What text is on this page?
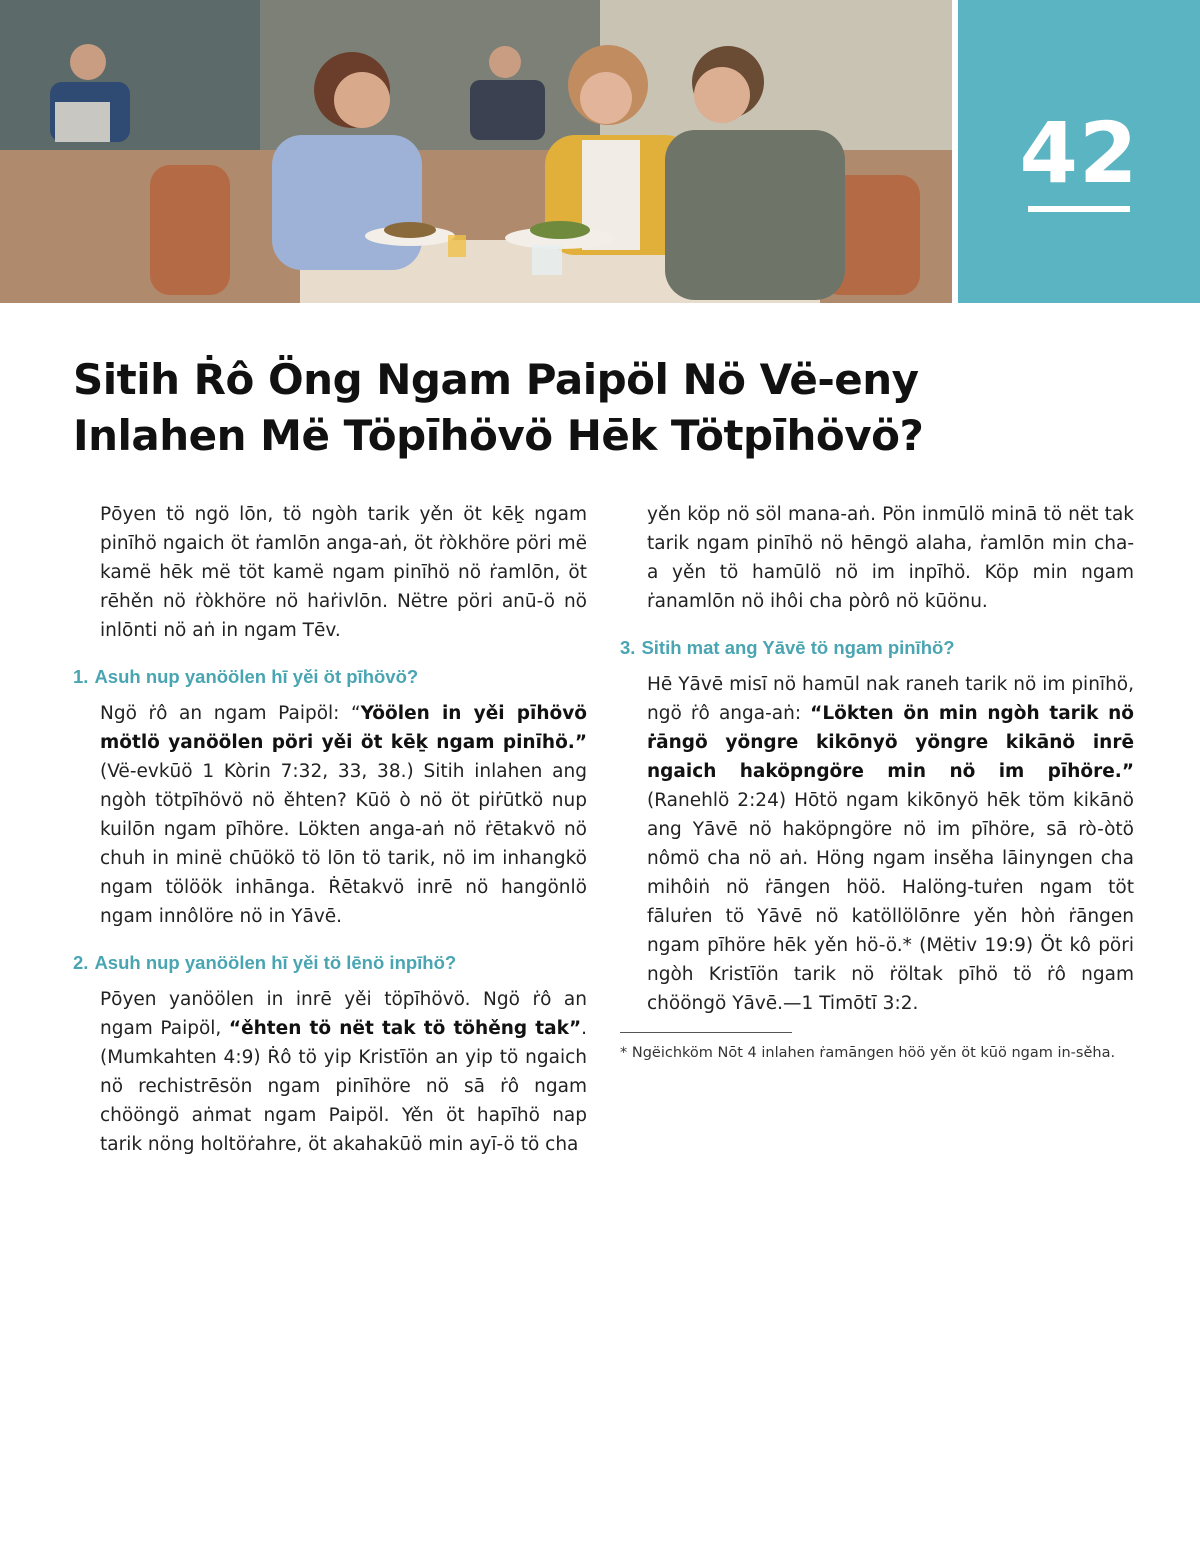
42
Sitih Ṙô Öng Ngam Paipöl Nö Vë-eny
Inlahen Më Töpīhövö Hēk Tötpīhövö?

Pōyen tö ngö lōn, tö ngòh tarik yěn öt kēḵ ngam pinīhö ngaich öt ṙamlōn anga-aṅ, öt ṙòkhöre pöri më kamë hēk më töt kamë ngam pinīhö nö ṙamlōn, öt rēhěn nö ṙòkhöre nö haṙivlōn. Nëtre pöri anū-ö nö inlōnti nö aṅ in ngam Tēv.

1. Asuh nup yanöölen hī yěi öt pīhövö?

Ngö ṙô an ngam Paipöl: “Yöölen in yěi pīhövö mötlö yanöölen pöri yěi öt kēḵ ngam pinīhö.” (Vë-evkūö 1 Kòrin 7:32, 33, 38.) Sitih inlahen ang ngòh tötpīhövö nö ěhten? Kūö ò nö öt piṙūtkö nup kuilōn ngam pīhöre. Lökten anga-aṅ nö ṙētakvö nö chuh in minë chūökö tö lōn tö tarik, nö im inhangkö ngam tölöök inhānga. Ṙētakvö inrē nö hangönlö ngam innôlöre nö in Yāvē.

2. Asuh nup yanöölen hī yěi tö lēnö inpīhö?

Pōyen yanöölen in inrē yěi töpīhövö. Ngö ṙô an ngam Paipöl, “ěhten tö nët tak tö töhěng tak”. (Mumkahten 4:9) Ṙô tö yip Kristīön an yip tö ngaich nö rechistrēsön ngam pinīhöre nö sā ṙô ngam chööngö aṅmat ngam Paipöl. Yěn öt hapīhö nap tarik nöng holtöṙahre, öt akahakūö min ayī-ö tö cha

yěn köp nö söl mana-aṅ. Pön inmūlö minā tö nët tak tarik ngam pinīhö nö hēngö alaha, ṙamlōn min cha-a yěn tö hamūlö nö im inpīhö. Köp min ngam ṙanamlōn nö ihôi cha pòrô nö kūönu.

3. Sitih mat ang Yāvē tö ngam pinīhö?

Hē Yāvē misī nö hamūl nak raneh tarik nö im pinīhö, ngö ṙô anga-aṅ: “Lökten ön min ngòh tarik nö ṙāngö yöngre kikōnyö yöngre kikānö inrē ngaich haköpngöre min nö im pīhöre.” (Ranehlö 2:24) Hōtö ngam kikōnyö hēk töm kikānö ang Yāvē nö haköpngöre nö im pīhöre, sā rò-òtö nômö cha nö aṅ. Höng ngam insěha lāinyngen cha mihôiṅ nö ṙāngen höö. Halöng-tuṙen ngam töt fāluṙen tö Yāvē nö katöllölōnre yěn hòṅ ṙāngen ngam pīhöre hēk yěn hö-ö.* (Mëtiv 19:9) Öt kô pöri ngòh Kristīön tarik nö ṙöltak pīhö tö ṙô ngam chööngö Yāvē.—1 Timōtī 3:2.

* Ngëichköm Nōt 4 inlahen ṙamāngen höö yěn öt kūö ngam in-sěha.
